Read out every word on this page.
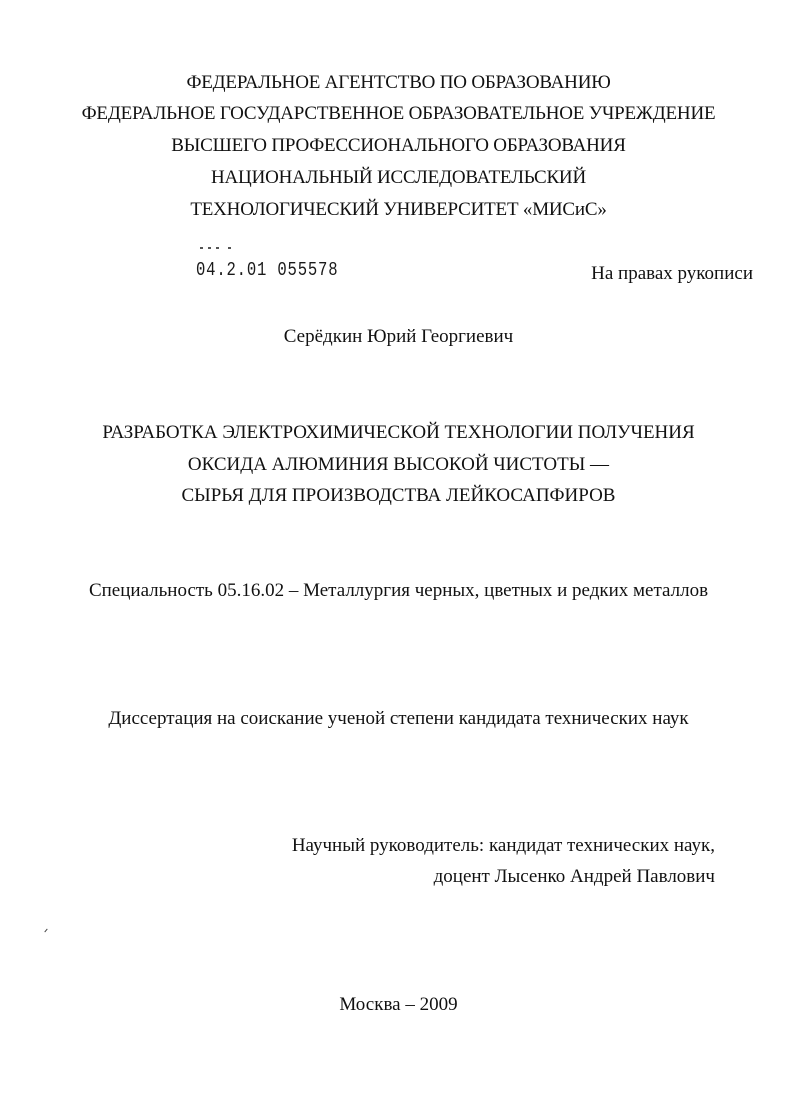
ФЕДЕРАЛЬНОЕ АГЕНТСТВО ПО ОБРАЗОВАНИЮ
ФЕДЕРАЛЬНОЕ ГОСУДАРСТВЕННОЕ ОБРАЗОВАТЕЛЬНОЕ УЧРЕЖДЕНИЕ
ВЫСШЕГО ПРОФЕССИОНАЛЬНОГО ОБРАЗОВАНИЯ
НАЦИОНАЛЬНЫЙ ИССЛЕДОВАТЕЛЬСКИЙ
ТЕХНОЛОГИЧЕСКИЙ УНИВЕРСИТЕТ «МИСиС»
04.2.01 055578	На правах рукописи
Серёдкин Юрий Георгиевич
РАЗРАБОТКА ЭЛЕКТРОХИМИЧЕСКОЙ ТЕХНОЛОГИИ ПОЛУЧЕНИЯ
ОКСИДА АЛЮМИНИЯ ВЫСОКОЙ ЧИСТОТЫ —
СЫРЬЯ ДЛЯ ПРОИЗВОДСТВА ЛЕЙКОСАПФИРОВ
Специальность 05.16.02 – Металлургия черных, цветных и редких металлов
Диссертация на соискание ученой степени кандидата технических наук
Научный руководитель: кандидат технических наук,
доцент Лысенко Андрей Павлович
Москва – 2009
